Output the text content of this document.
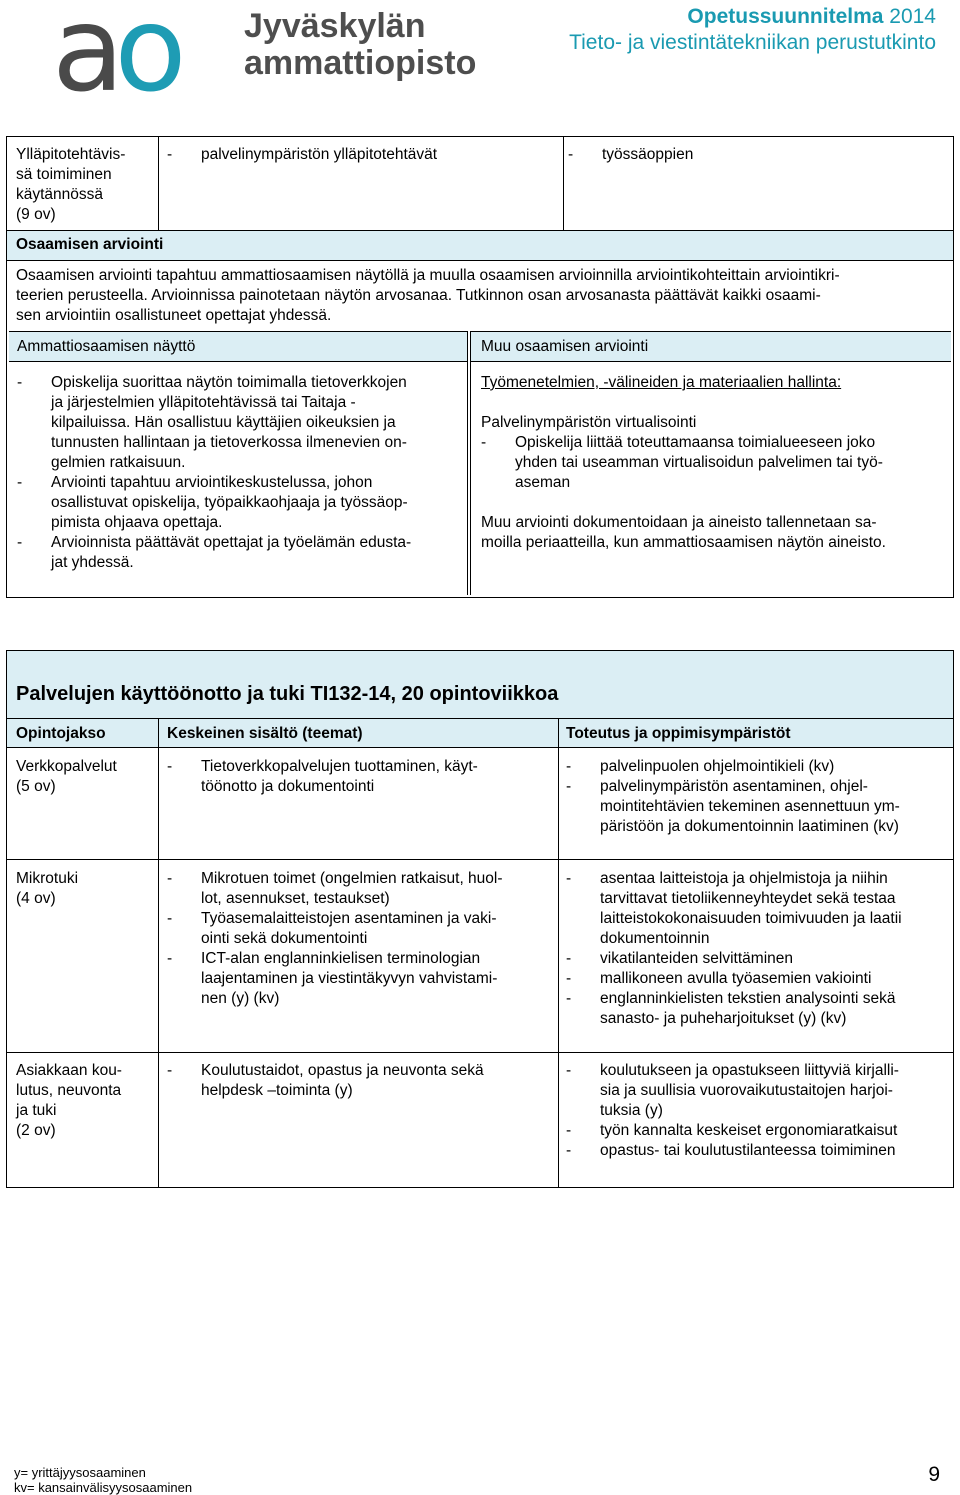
ao Jyväskylän
ammattiopisto
Opetussuunnitelma 2014
Tieto- ja viestintätekniikan perustutkinto
Ylläpitotehtävis-
sä toimiminen
käytännössä
(9 ov)
- palvelinympäristön ylläpitotehtävät
-	työssäoppien
Osaamisen arviointi
Osaamisen arviointi tapahtuu ammattiosaamisen näytöllä ja muulla osaamisen arvioinnilla arviointikohteittain arviointikri-
teerien perusteella. Arvioinnissa painotetaan näytön arvosanaa. Tutkinnon osan arvosanasta päättävät kaikki osaami-
sen arviointiin osallistuneet opettajat yhdessä.
Ammattiosaamisen näyttö	Muu osaamisen arviointi
- Opiskelija suorittaa näytön toimimalla tietoverkkojen
ja järjestelmien ylläpitotehtävissä tai Taitaja -
kilpailuissa. Hän osallistuu käyttäjien oikeuksien ja
tunnusten hallintaan ja tietoverkossa ilmenevien on-
gelmien ratkaisuun.
- Arviointi tapahtuu arviointikeskustelussa, johon
osallistuvat opiskelija, työpaikkaohjaaja ja työssäop-
pimista ohjaava opettaja.
- Arvioinnista päättävät opettajat ja työelämän edusta-
jat yhdessä.
Työmenetelmien, -välineiden ja materiaalien hallinta:
Palvelinympäristön virtualisointi
- Opiskelija liittää toteuttamaansa toimialueeseen joko
yhden tai useamman virtualisoidun palvelimen tai työ-
aseman
Muu arviointi dokumentoidaan ja aineisto tallennetaan sa-
moilla periaatteilla, kun ammattiosaamisen näytön aineisto.
Palvelujen käyttöönotto ja tuki TI132-14, 20 opintoviikkoa
Opintojakso	Keskeinen sisältö (teemat)	Toteutus ja oppimisympäristöt
Verkkopalvelut
(5 ov)
- Tietoverkkopalvelujen tuottaminen, käyt-
töönotto ja dokumentointi
- palvelinpuolen ohjelmointikieli (kv)
- palvelinympäristön asentaminen, ohjel-
mointitehtävien tekeminen asennettuun ym-
päristöön ja dokumentoinnin laatiminen (kv)
Mikrotuki
(4 ov)
- Mikrotuen toimet (ongelmien ratkaisut, huol-
lot, asennukset, testaukset)
- Työasemalaitteistojen asentaminen ja vaki-
ointi sekä dokumentointi
- ICT-alan englanninkielisen terminologian
laajentaminen ja viestintäkyvyn vahvistami-
nen (y) (kv)
- asentaa laitteistoja ja ohjelmistoja ja niihin
tarvittavat tietoliikenneyhteydet sekä testaa
laitteistokokonaisuuden toimivuuden ja laatii
dokumentoinnin
- vikatilanteiden selvittäminen
- mallikoneen avulla työasemien vakiointi
- englanninkielisten tekstien analysointi sekä
sanasto- ja puheharjoitukset (y) (kv)
Asiakkaan kou-
lutus, neuvonta
ja tuki
(2 ov)
- Koulutustaidot, opastus ja neuvonta sekä
helpdesk –toiminta (y)
- koulutukseen ja opastukseen liittyviä kirjalli-
sia ja suullisia vuorovaikutustaitojen harjoi-
tuksia (y)
- työn kannalta keskeiset ergonomiaratkaisut
- opastus- tai koulutustilanteessa toimiminen
y= yrittäjyysosaaminen
kv= kansainvälisyysosaaminen
9
